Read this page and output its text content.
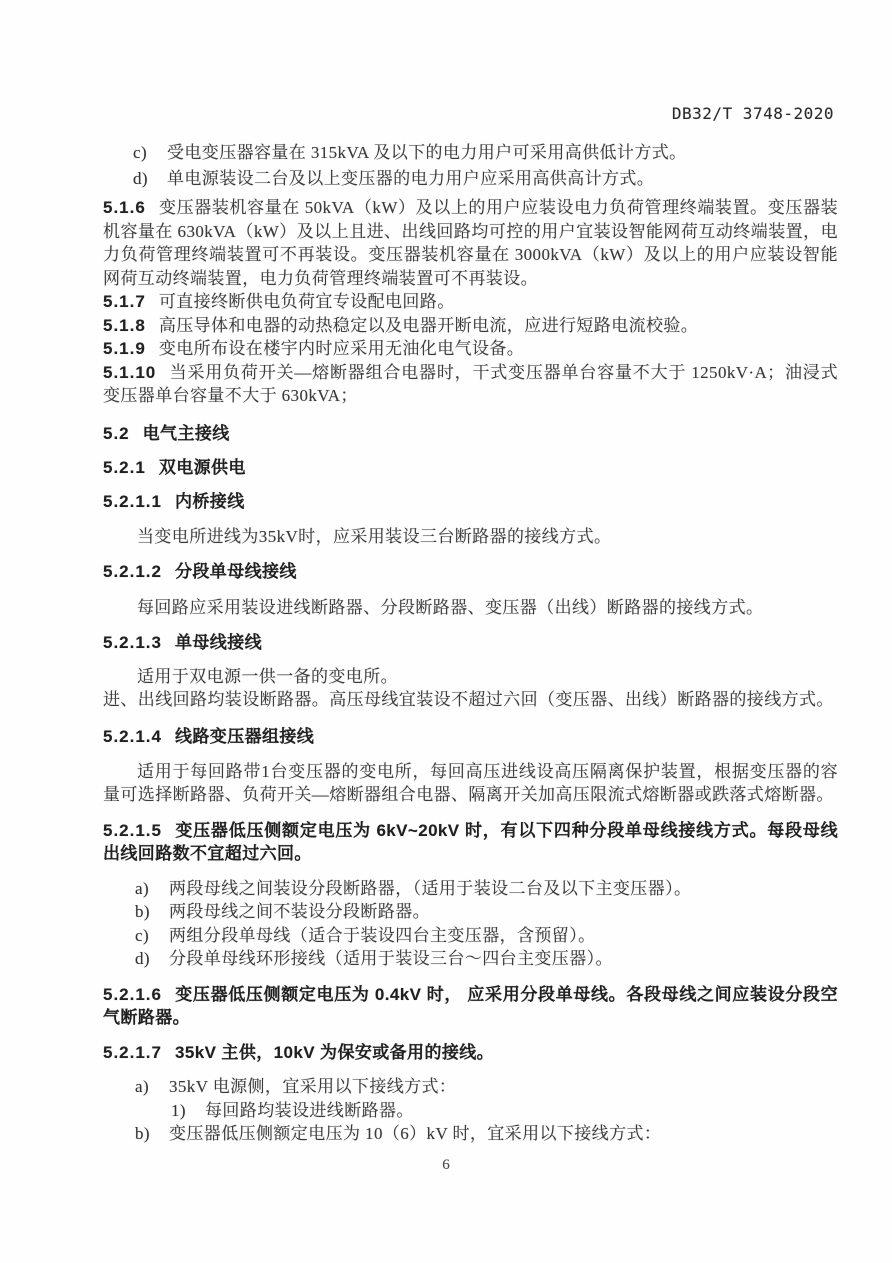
DB32/T 3748-2020
c)	受电变压器容量在 315kVA 及以下的电力用户可采用高供低计方式。
d)	单电源装设二台及以上变压器的电力用户应采用高供高计方式。

5.1.6 变压器装机容量在 50kVA（kW）及以上的用户应装设电力负荷管理终端装置。变压器装机容量在 630kVA（kW）及以上且进、出线回路均可控的用户宜装设智能网荷互动终端装置，电力负荷管理终端装置可不再装设。变压器装机容量在 3000kVA（kW）及以上的用户应装设智能网荷互动终端装置，电力负荷管理终端装置可不再装设。

5.1.7 可直接终断供电负荷宜专设配电回路。

5.1.8 高压导体和电器的动热稳定以及电器开断电流，应进行短路电流校验。

5.1.9 变电所布设在楼宇内时应采用无油化电气设备。

5.1.10 当采用负荷开关—熔断器组合电器时，干式变压器单台容量不大于 1250kV·A；油浸式变压器单台容量不大于 630kVA；

5.2 电气主接线

5.2.1 双电源供电

5.2.1.1 内桥接线

当变电所进线为35kV时，应采用装设三台断路器的接线方式。

5.2.1.2 分段单母线接线

每回路应采用装设进线断路器、分段断路器、变压器（出线）断路器的接线方式。

5.2.1.3 单母线接线

适用于双电源一供一备的变电所。

进、出线回路均装设断路器。高压母线宜装设不超过六回（变压器、出线）断路器的接线方式。

5.2.1.4 线路变压器组接线

适用于每回路带1台变压器的变电所，每回高压进线设高压隔离保护装置，根据变压器的容量可选择断路器、负荷开关—熔断器组合电器、隔离开关加高压限流式熔断器或跌落式熔断器。

5.2.1.5 变压器低压侧额定电压为 6kV~20kV 时，有以下四种分段单母线接线方式。每段母线出线回路数不宜超过六回。

a)	两段母线之间装设分段断路器，（适用于装设二台及以下主变压器）。
b)	两段母线之间不装设分段断路器。
c)	两组分段单母线（适合于装设四台主变压器，含预留）。
d)	分段单母线环形接线（适用于装设三台～四台主变压器）。

5.2.1.6 变压器低压侧额定电压为 0.4kV 时， 应采用分段单母线。各段母线之间应装设分段空气断路器。

5.2.1.7 35kV 主供，10kV 为保安或备用的接线。

a)	35kV 电源侧，宜采用以下接线方式：
1)	每回路均装设进线断路器。
b)	变压器低压侧额定电压为 10（6）kV 时，宜采用以下接线方式：
6
